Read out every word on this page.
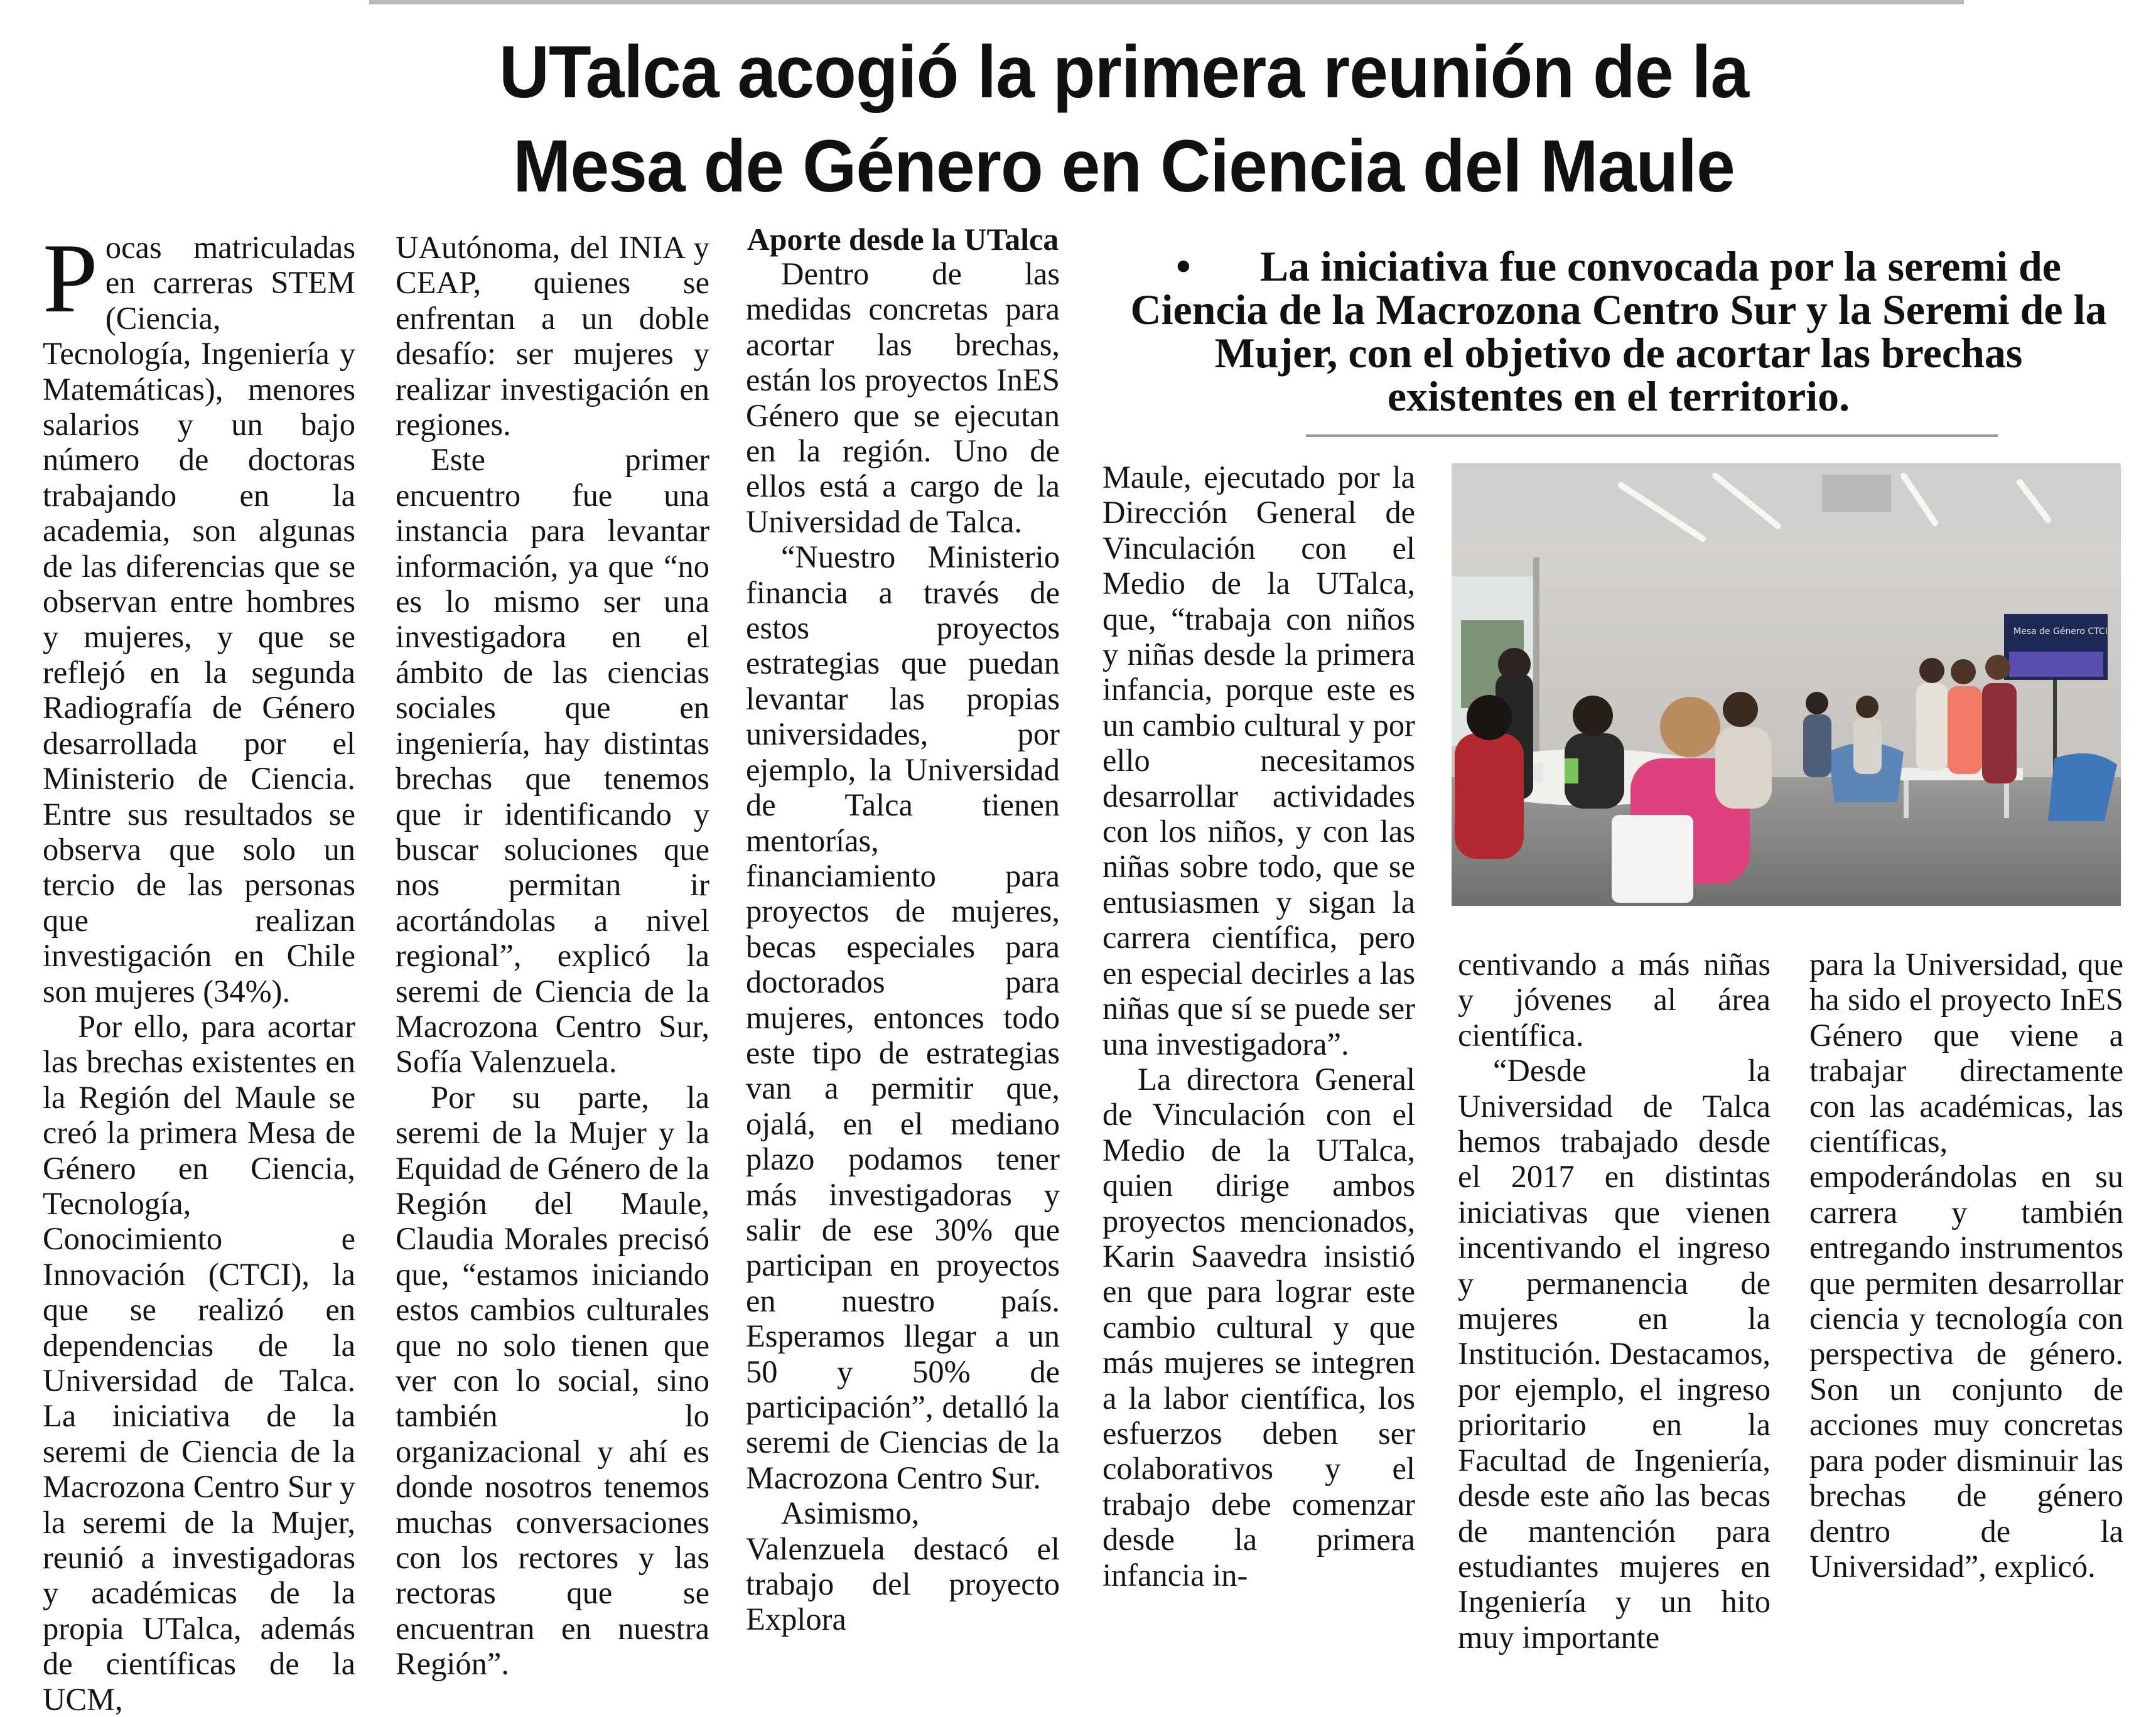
UTalca acogió la primera reunión de la
Mesa de Género en Ciencia del Maule

Pocas matriculadas en carreras STEM (Ciencia, Tecnología, Ingeniería y Matemáticas), menores salarios y un bajo número de doctoras trabajando en la academia, son algunas de las diferencias que se observan entre hombres y mujeres, y que se reflejó en la segunda Radiografía de Género desarrollada por el Ministerio de Ciencia. Entre sus resultados se observa que solo un tercio de las personas que realizan investigación en Chile son mujeres (34%).

Por ello, para acortar las brechas existentes en la Región del Maule se creó la primera Mesa de Género en Ciencia, Tecnología, Conocimiento e Innovación (CTCI), la que se realizó en dependencias de la Universidad de Talca. La iniciativa de la seremi de Ciencia de la Macrozona Centro Sur y la seremi de la Mujer, reunió a investigadoras y académicas de la propia UTalca, además de científicas de la UCM,

UAutónoma, del INIA y CEAP, quienes se enfrentan a un doble desafío: ser mujeres y realizar investigación en regiones.

Este primer encuentro fue una instancia para levantar información, ya que “no es lo mismo ser una investigadora en el ámbito de las ciencias sociales que en ingeniería, hay distintas brechas que tenemos que ir identificando y buscar soluciones que nos permitan ir acortándolas a nivel regional”, explicó la seremi de Ciencia de la Macrozona Centro Sur, Sofía Valenzuela.

Por su parte, la seremi de la Mujer y la Equidad de Género de la Región del Maule, Claudia Morales precisó que, “estamos iniciando estos cambios culturales que no solo tienen que ver con lo social, sino también lo organizacional y ahí es donde nosotros tenemos muchas conversaciones con los rectores y las rectoras que se encuentran en nuestra Región”.

Aporte desde la UTalca

Dentro de las medidas concretas para acortar las brechas, están los proyectos InES Género que se ejecutan en la región. Uno de ellos está a cargo de la Universidad de Talca.

“Nuestro Ministerio financia a través de estos proyectos estrategias que puedan levantar las propias universidades, por ejemplo, la Universidad de Talca tienen mentorías, financiamiento para proyectos de mujeres, becas especiales para doctorados para mujeres, entonces todo este tipo de estrategias van a permitir que, ojalá, en el mediano plazo podamos tener más investigadoras y salir de ese 30% que participan en proyectos en nuestro país. Esperamos llegar a un 50 y 50% de participación”, detalló la seremi de Ciencias de la Macrozona Centro Sur.

Asimismo, Valenzuela destacó el trabajo del proyecto Explora

• La iniciativa fue convocada por la seremi de Ciencia de la Macrozona Centro Sur y la Seremi de la Mujer, con el objetivo de acortar las brechas existentes en el territorio.
Mesa de Género CTCI

Maule, ejecutado por la Dirección General de Vinculación con el Medio de la UTalca, que, “trabaja con niños y niñas desde la primera infancia, porque este es un cambio cultural y por ello necesitamos desarrollar actividades con los niños, y con las niñas sobre todo, que se entusiasmen y sigan la carrera científica, pero en especial decirles a las niñas que sí se puede ser una investigadora”.

La directora General de Vinculación con el Medio de la UTalca, quien dirige ambos proyectos mencionados, Karin Saavedra insistió en que para lograr este cambio cultural y que más mujeres se integren a la labor científica, los esfuerzos deben ser colaborativos y el trabajo debe comenzar desde la primera infancia in-

centivando a más niñas y jóvenes al área científica.

“Desde la Universidad de Talca hemos trabajado desde el 2017 en distintas iniciativas que vienen incentivando el ingreso y permanencia de mujeres en la Institución. Destacamos, por ejemplo, el ingreso prioritario en la Facultad de Ingeniería, desde este año las becas de mantención para estudiantes mujeres en Ingeniería y un hito muy importante

para la Universidad, que ha sido el proyecto InES Género que viene a trabajar directamente con las académicas, las científicas, empoderándolas en su carrera y también entregando instrumentos que permiten desarrollar ciencia y tecnología con perspectiva de género. Son un conjunto de acciones muy concretas para poder disminuir las brechas de género dentro de la Universidad”, explicó.
